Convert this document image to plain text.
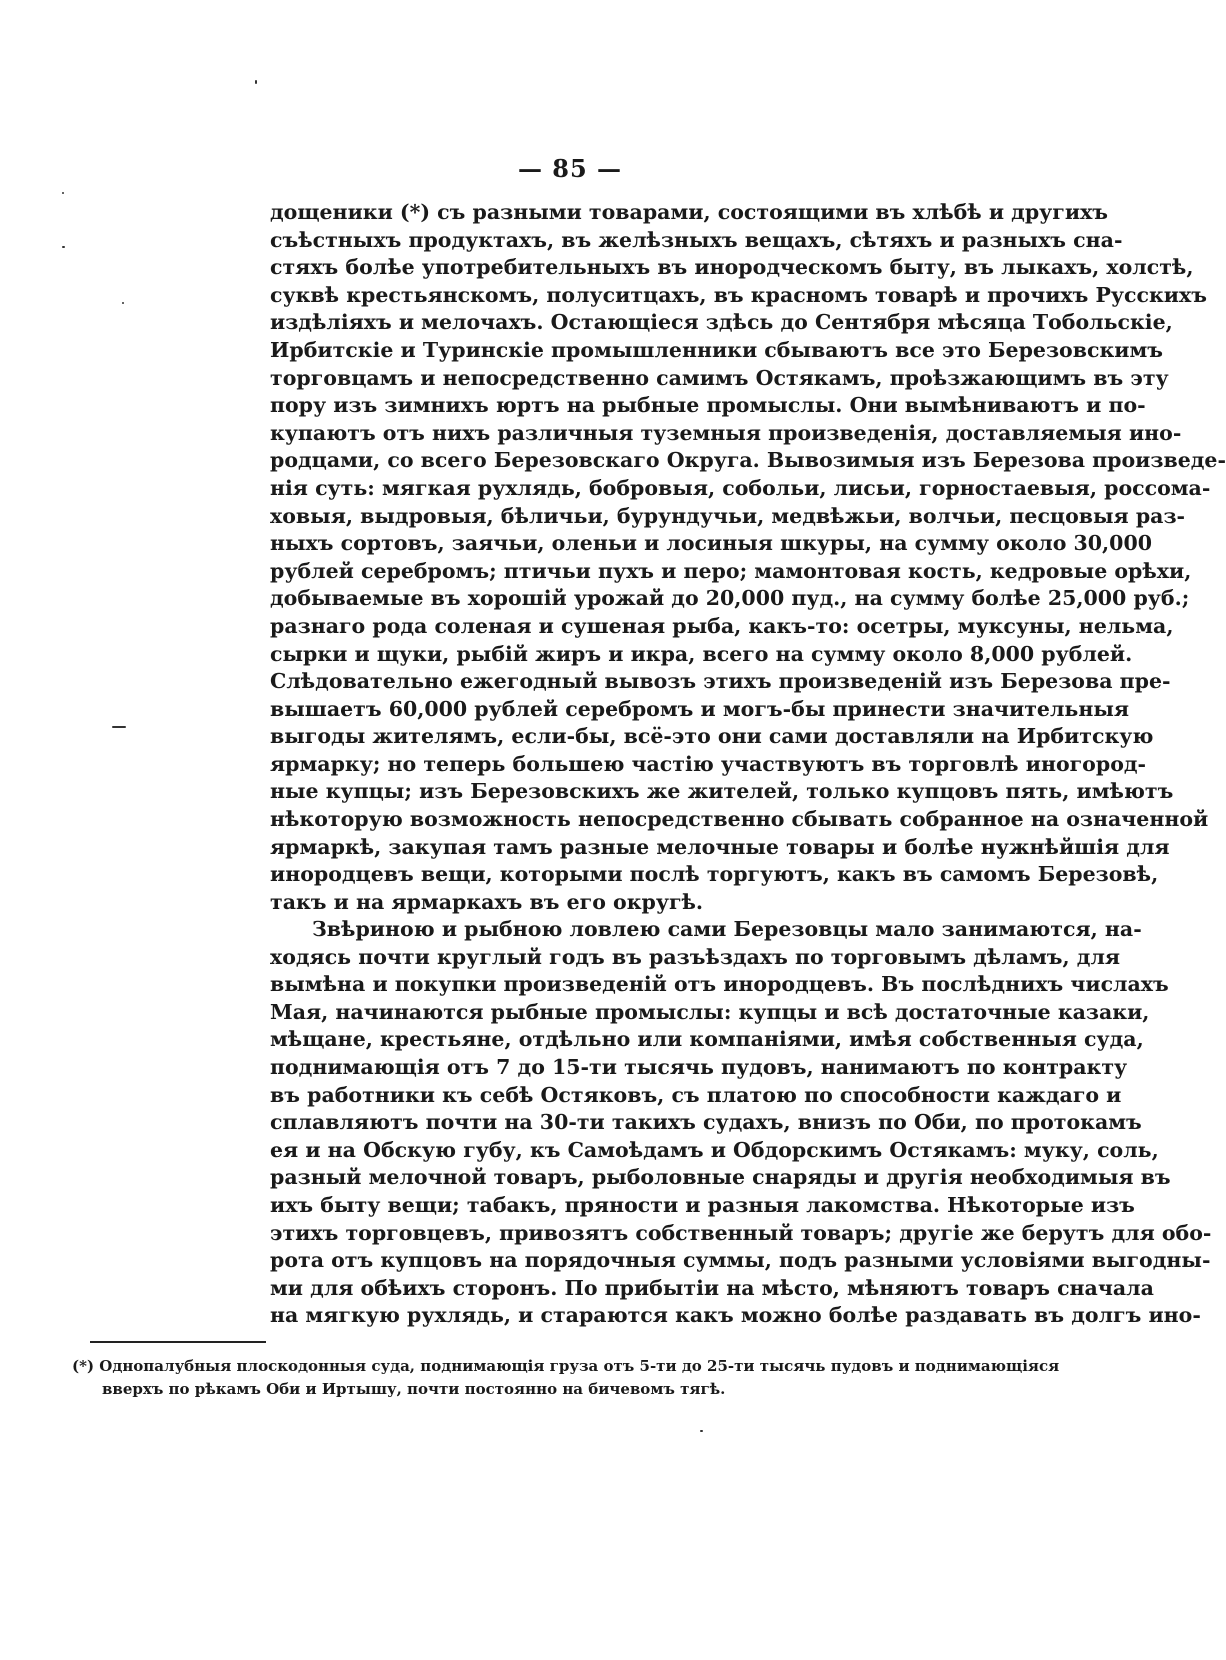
— 85 —
дощеники (*) съ разными товарами, состоящими въ хлѣбѣ и другихъ
съѣстныхъ продуктахъ, въ желѣзныхъ вещахъ, сѣтяхъ и разныхъ сна-
стяхъ болѣе употребительныхъ въ инородческомъ быту, въ лыкахъ, холстѣ,
суквѣ крестьянскомъ, полуситцахъ, въ красномъ товарѣ и прочихъ Русскихъ
издѣліяхъ и мелочахъ. Остающіеся здѣсь до Сентября мѣсяца Тобольскіе,
Ирбитскіе и Туринскіе промышленники сбываютъ все это Березовскимъ
торговцамъ и непосредственно самимъ Остякамъ, проѣзжающимъ въ эту
пору изъ зимнихъ юртъ на рыбные промыслы. Они вымѣниваютъ и по-
купаютъ отъ нихъ различныя туземныя произведенія, доставляемыя ино-
родцами, со всего Березовскаго Округа. Вывозимыя изъ Березова произведе-
нія суть: мягкая рухлядь, бобровыя, собольи, лисьи, горностаевыя, россома-
ховыя, выдровыя, бѣличьи, бурундучьи, медвѣжьи, волчьи, песцовыя раз-
ныхъ сортовъ, заячьи, оленьи и лосиныя шкуры, на сумму около 30,000
рублей серебромъ; птичьи пухъ и перо; мамонтовая кость, кедровые орѣхи,
добываемые въ хорошій урожай до 20,000 пуд., на сумму болѣе 25,000 руб.;
разнаго рода соленая и сушеная рыба, какъ-то: осетры, муксуны, нельма,
сырки и щуки, рыбій жиръ и икра, всего на сумму около 8,000 рублей.
Слѣдовательно ежегодный вывозъ этихъ произведеній изъ Березова пре-
вышаетъ 60,000 рублей серебромъ и могъ-бы принести значительныя
выгоды жителямъ, если-бы, всё-это они сами доставляли на Ирбитскую
ярмарку; но теперь большею частію участвуютъ въ торговлѣ иногород-
ные купцы; изъ Березовскихъ же жителей, только купцовъ пять, имѣютъ
нѣкоторую возможность непосредственно сбывать собранное на означенной
ярмаркѣ, закупая тамъ разные мелочные товары и болѣе нужнѣйшія для
инородцевъ вещи, которыми послѣ торгуютъ, какъ въ самомъ Березовѣ,
такъ и на ярмаркахъ въ его округѣ.
Звѣриною и рыбною ловлею сами Березовцы мало занимаются, на-
ходясь почти круглый годъ въ разъѣздахъ по торговымъ дѣламъ, для
вымѣна и покупки произведеній отъ инородцевъ. Въ послѣднихъ числахъ
Мая, начинаются рыбные промыслы: купцы и всѣ достаточные казаки,
мѣщане, крестьяне, отдѣльно или компаніями, имѣя собственныя суда,
поднимающія отъ 7 до 15-ти тысячь пудовъ, нанимаютъ по контракту
въ работники къ себѣ Остяковъ, съ платою по способности каждаго и
сплавляютъ почти на 30-ти такихъ судахъ, внизъ по Оби, по протокамъ
ея и на Обскую губу, къ Самоѣдамъ и Обдорскимъ Остякамъ: муку, соль,
разный мелочной товаръ, рыболовные снаряды и другія необходимыя въ
ихъ быту вещи; табакъ, пряности и разныя лакомства. Нѣкоторые изъ
этихъ торговцевъ, привозятъ собственный товаръ; другіе же берутъ для обо-
рота отъ купцовъ на порядочныя суммы, подъ разными условіями выгодны-
ми для обѣихъ сторонъ. По прибытіи на мѣсто, мѣняютъ товаръ сначала
на мягкую рухлядь, и стараются какъ можно болѣе раздавать въ долгъ ино-
(*) Однопалубныя плоскодонныя суда, поднимающія груза отъ 5-ти до 25-ти тысячь пудовъ и поднимающіяся
вверхъ по рѣкамъ Оби и Иртышу, почти постоянно на бичевомъ тягѣ.
